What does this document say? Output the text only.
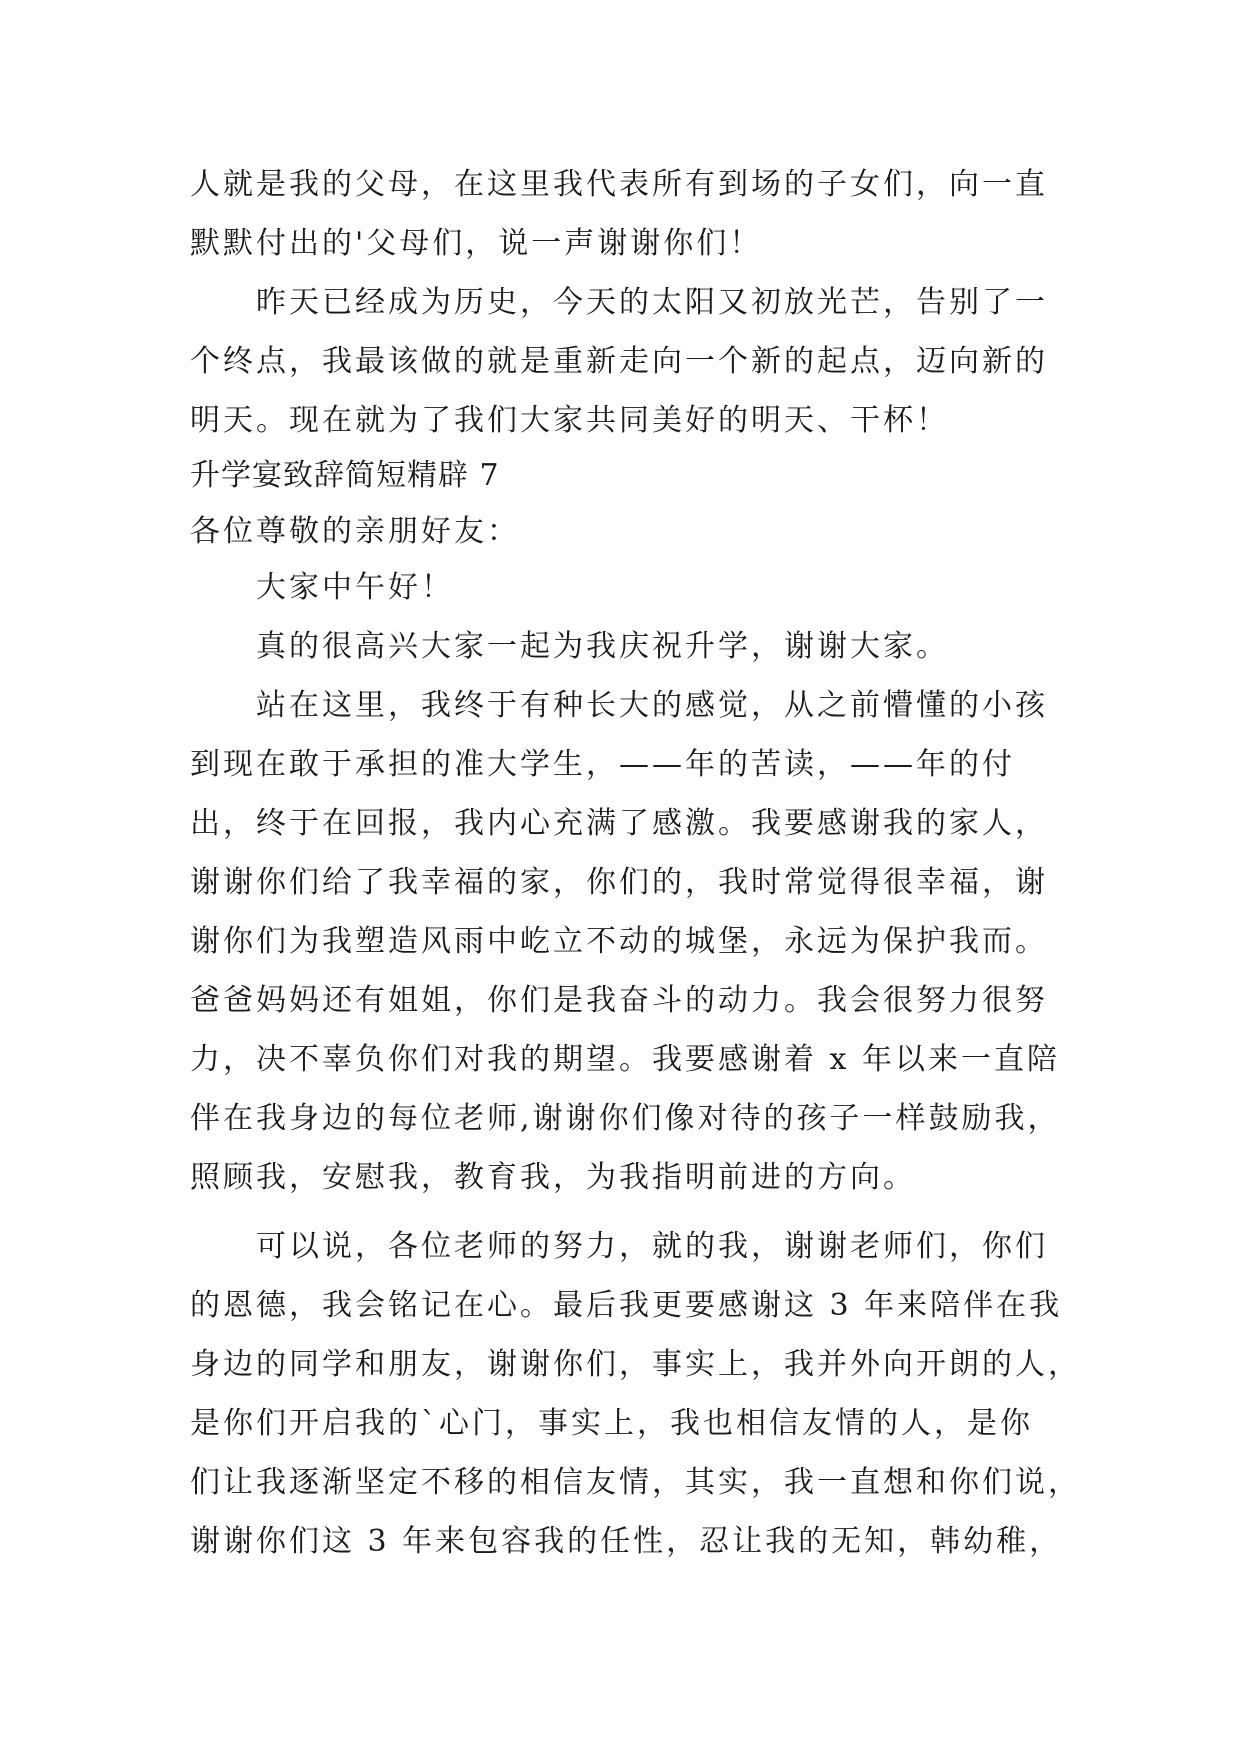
人就是我的父母，在这里我代表所有到场的子女们，向一直
默默付出的'父母们，说一声谢谢你们！
昨天已经成为历史，今天的太阳又初放光芒，告别了一
个终点，我最该做的就是重新走向一个新的起点，迈向新的
明天。现在就为了我们大家共同美好的明天、干杯！
升学宴致辞简短精辟 7
各位尊敬的亲朋好友：
大家中午好！
真的很高兴大家一起为我庆祝升学，谢谢大家。
站在这里，我终于有种长大的感觉，从之前懵懂的小孩
到现在敢于承担的准大学生，——年的苦读，——年的付
出，终于在回报，我内心充满了感激。我要感谢我的家人，
谢谢你们给了我幸福的家，你们的，我时常觉得很幸福，谢
谢你们为我塑造风雨中屹立不动的城堡，永远为保护我而。
爸爸妈妈还有姐姐，你们是我奋斗的动力。我会很努力很努
力，决不辜负你们对我的期望。我要感谢着 x 年以来一直陪
伴在我身边的每位老师,谢谢你们像对待的孩子一样鼓励我，
照顾我，安慰我，教育我，为我指明前进的方向。
可以说，各位老师的努力，就的我，谢谢老师们，你们
的恩德，我会铭记在心。最后我更要感谢这 3 年来陪伴在我
身边的同学和朋友，谢谢你们，事实上，我并外向开朗的人，
是你们开启我的`心门，事实上，我也相信友情的人，是你
们让我逐渐坚定不移的相信友情，其实，我一直想和你们说，
谢谢你们这 3 年来包容我的任性，忍让我的无知，韩幼稚，
